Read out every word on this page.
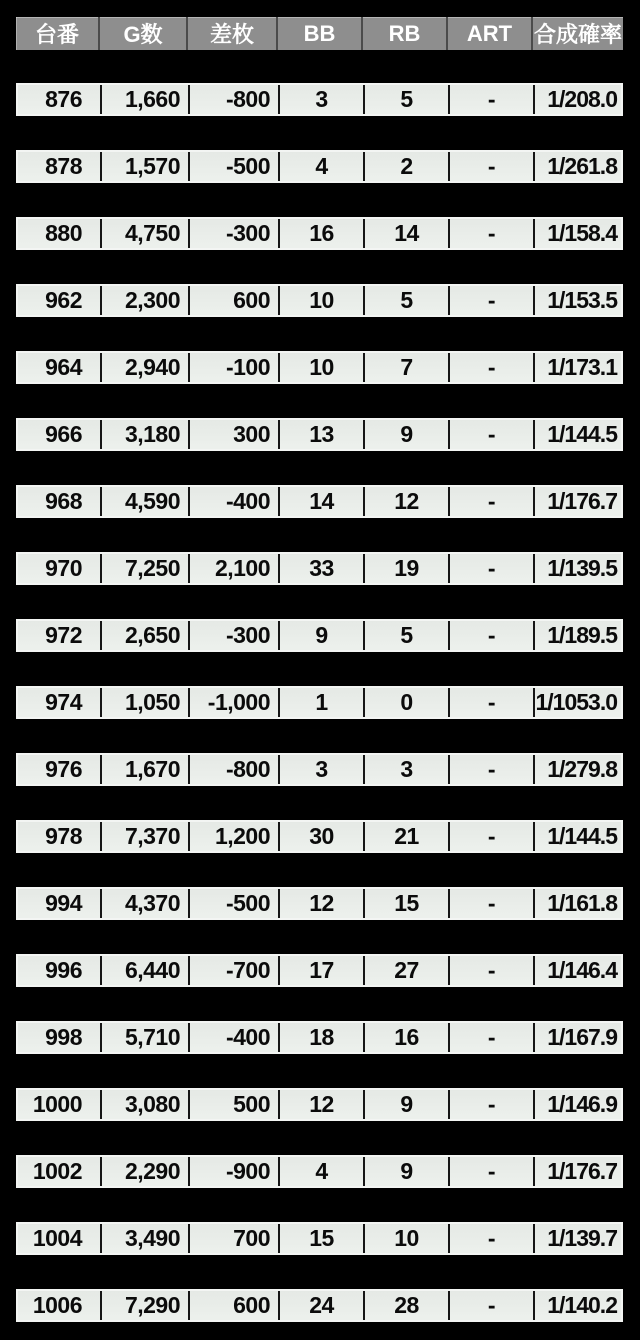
台番	G数	差枚	BB	RB	ART 合成確率
876	1,660	-800	3	5	-	1/208.0
878	1,570	-500	4	2	-	1/261.8
880	4,750	-300	16	14	-	1/158.4
962	2,300	600	10	5	-	1/153.5
964	2,940	-100	10	7	-	1/173.1
966	3,180	300	13	9	-	1/144.5
968	4,590	-400	14	12	-	1/176.7
970	7,250	2,100	33	19	-	1/139.5
972	2,650	-300	9	5	-	1/189.5
974	1,050	-1,000	1	0	-	1/1053.0
976	1,670	-800	3	3	-	1/279.8
978	7,370	1,200	30	21	-	1/144.5
994	4,370	-500	12	15	-	1/161.8
996	6,440	-700	17	27	-	1/146.4
998	5,710	-400	18	16	-	1/167.9
1000	3,080	500	12	9	-	1/146.9
1002	2,290	-900	4	9	-	1/176.7
1004	3,490	700	15	10	-	1/139.7
1006	7,290	600	24	28	-	1/140.2
